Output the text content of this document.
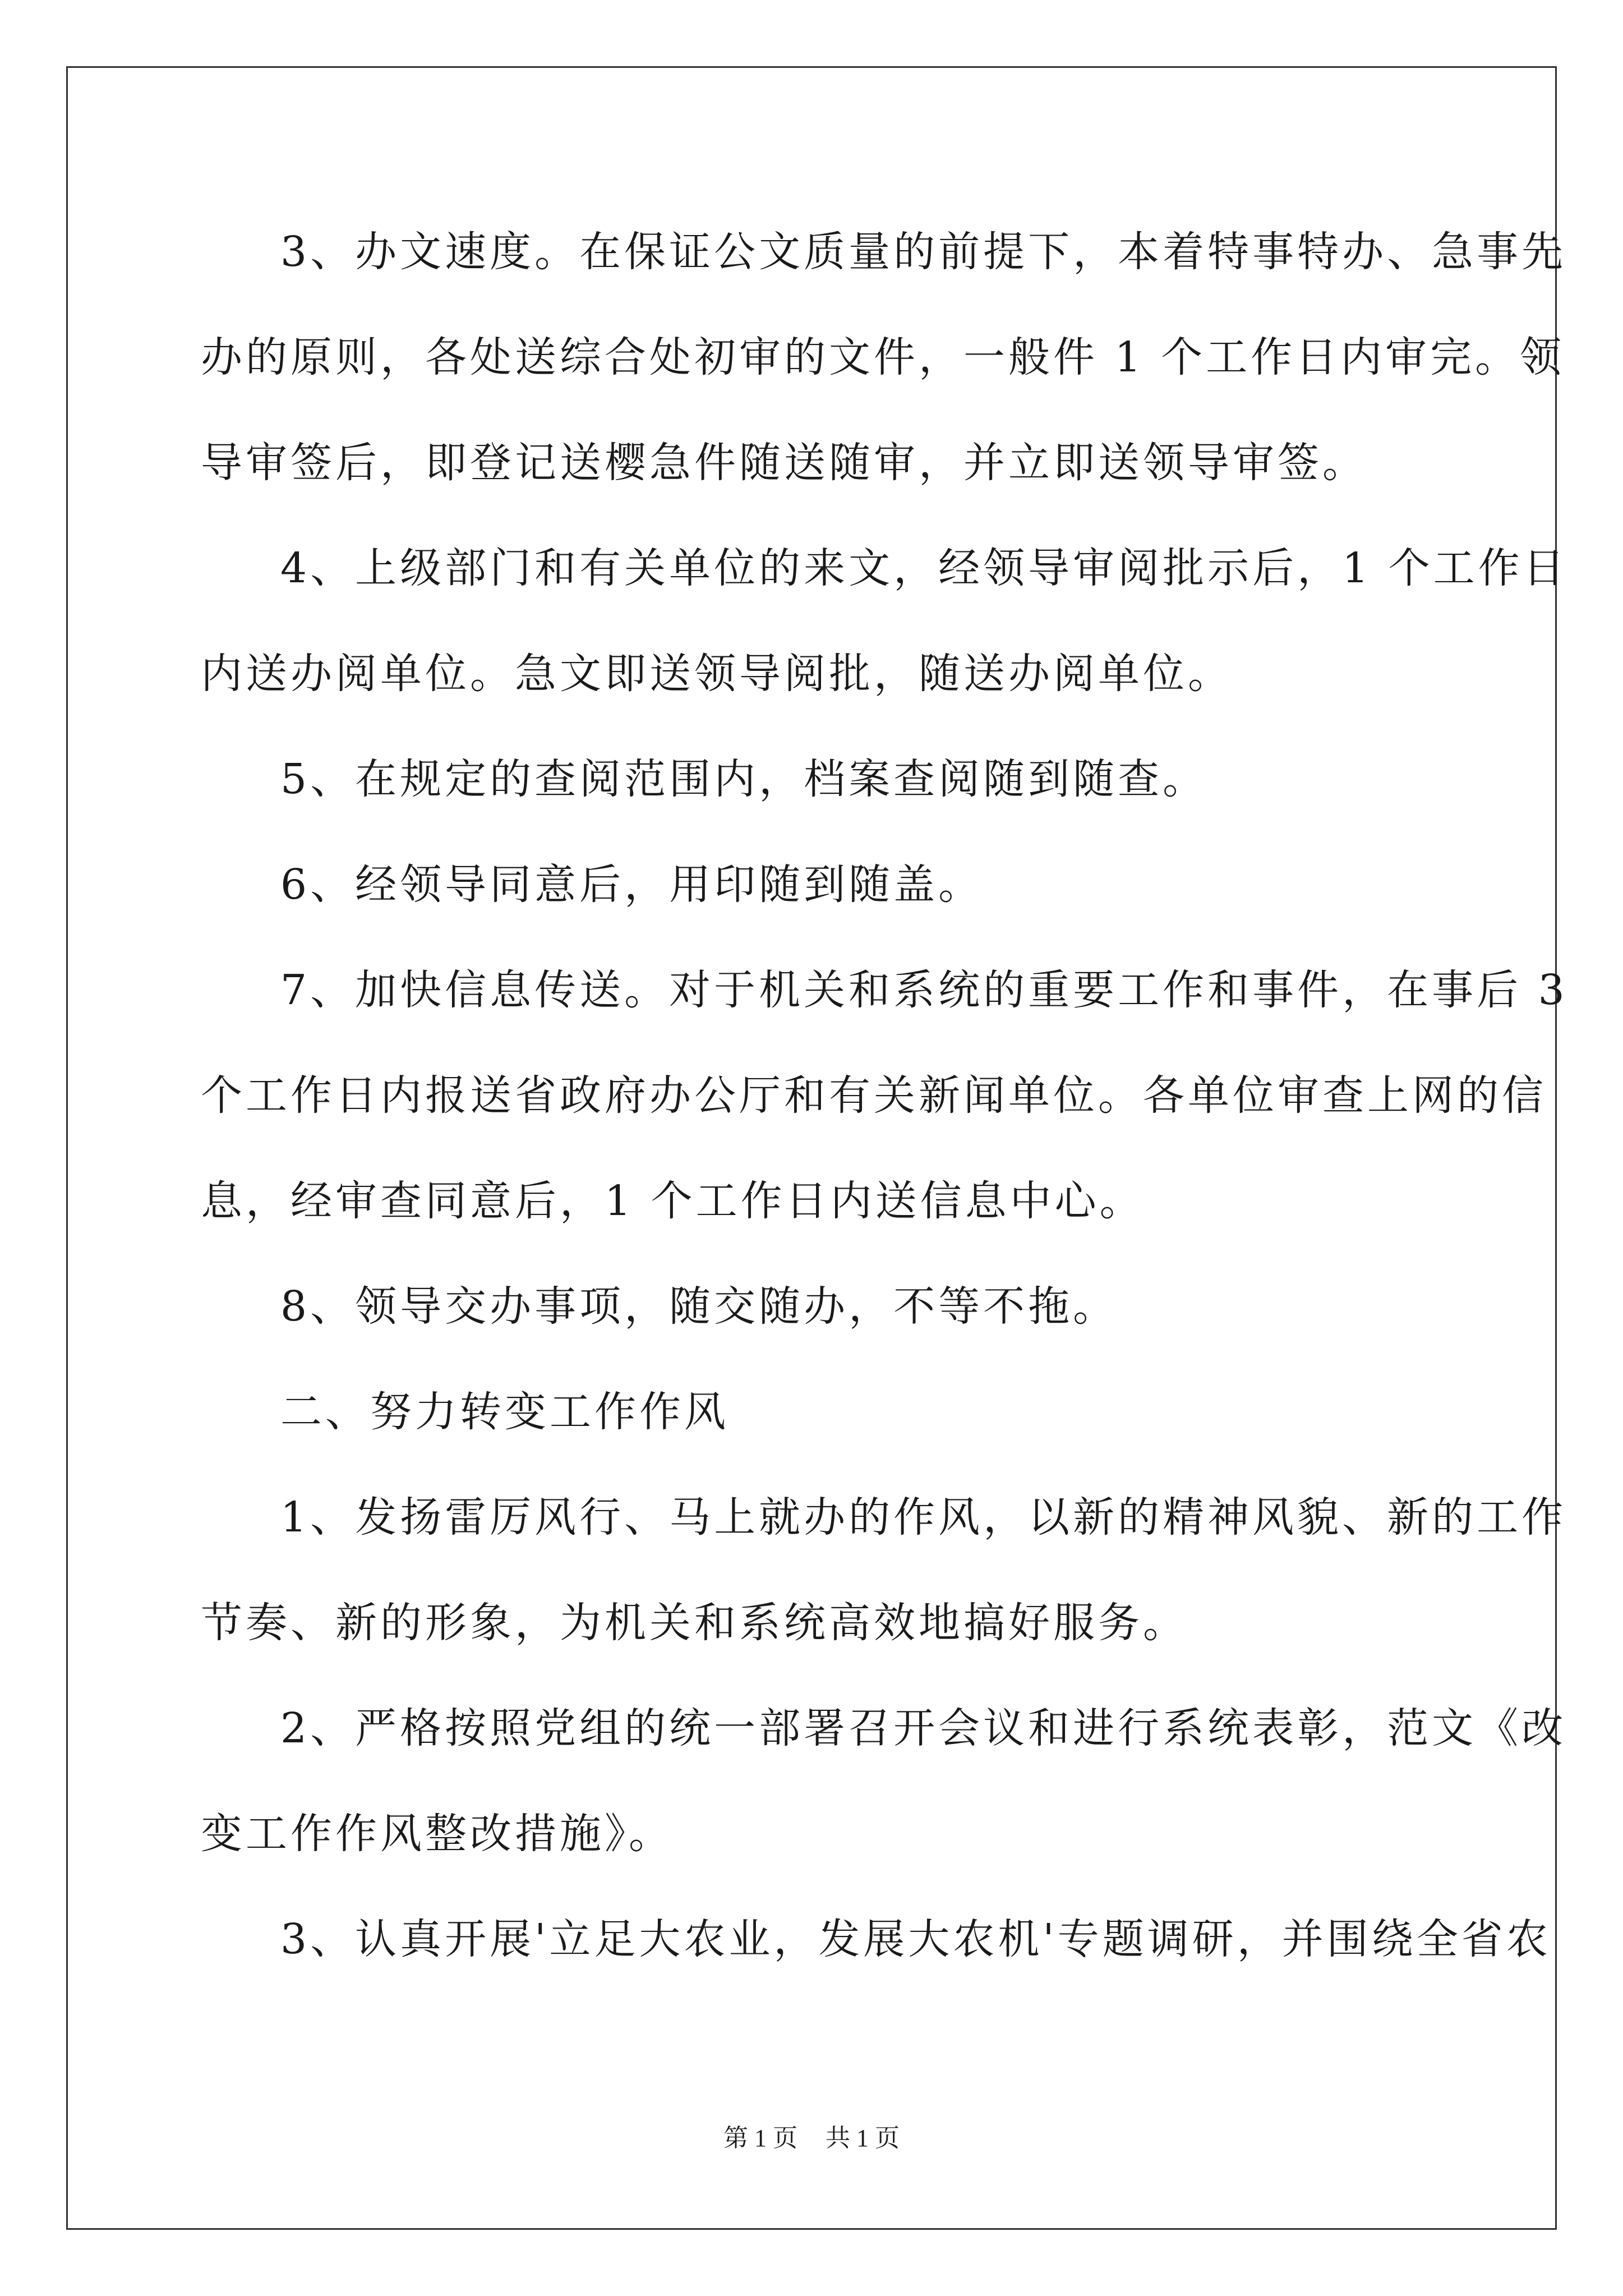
3、办文速度。在保证公文质量的前提下，本着特事特办、急事先

办的原则，各处送综合处初审的文件，一般件 1 个工作日内审完。领

导审签后，即登记送樱急件随送随审，并立即送领导审签。

4、上级部门和有关单位的来文，经领导审阅批示后，1 个工作日

内送办阅单位。急文即送领导阅批，随送办阅单位。

5、在规定的查阅范围内，档案查阅随到随查。

6、经领导同意后，用印随到随盖。

7、加快信息传送。对于机关和系统的重要工作和事件，在事后 3

个工作日内报送省政府办公厅和有关新闻单位。各单位审查上网的信

息，经审查同意后，1 个工作日内送信息中心。

8、领导交办事项，随交随办，不等不拖。

二、努力转变工作作风

1、发扬雷厉风行、马上就办的作风，以新的精神风貌、新的工作

节奏、新的形象，为机关和系统高效地搞好服务。

2、严格按照党组的统一部署召开会议和进行系统表彰，范文《改

变工作作风整改措施》。

3、认真开展'立足大农业，发展大农机'专题调研，并围绕全省农

第 1 页 共 1 页
